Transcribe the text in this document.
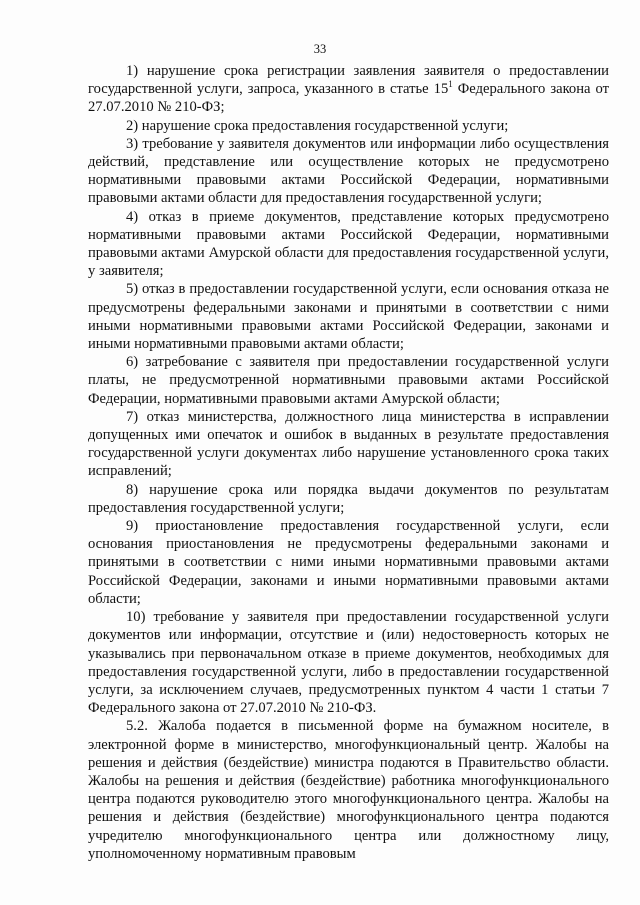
33

1) нарушение срока регистрации заявления заявителя о предоставлении государственной услуги, запроса, указанного в статье $15^1$ Федерального закона от 27.07.2010 № 210-ФЗ;

2) нарушение срока предоставления государственной услуги;

3) требование у заявителя документов или информации либо осуществления действий, представление или осуществление которых не предусмотрено нормативными правовыми актами Российской Федерации, нормативными правовыми актами области для предоставления государственной услуги;

4) отказ в приеме документов, представление которых предусмотрено нормативными правовыми актами Российской Федерации, нормативными правовыми актами Амурской области для предоставления государственной услуги, у заявителя;

5) отказ в предоставлении государственной услуги, если основания отказа не предусмотрены федеральными законами и принятыми в соответствии с ними иными нормативными правовыми актами Российской Федерации, законами и иными нормативными правовыми актами области;

6) затребование с заявителя при предоставлении государственной услуги платы, не предусмотренной нормативными правовыми актами Российской Федерации, нормативными правовыми актами Амурской области;

7) отказ министерства, должностного лица министерства в исправлении допущенных ими опечаток и ошибок в выданных в результате предоставления государственной услуги документах либо нарушение установленного срока таких исправлений;

8) нарушение срока или порядка выдачи документов по результатам предоставления государственной услуги;

9) приостановление предоставления государственной услуги, если основания приостановления не предусмотрены федеральными законами и принятыми в соответствии с ними иными нормативными правовыми актами Российской Федерации, законами и иными нормативными правовыми актами области;

10) требование у заявителя при предоставлении государственной услуги документов или информации, отсутствие и (или) недостоверность которых не указывались при первоначальном отказе в приеме документов, необходимых для предоставления государственной услуги, либо в предоставлении государственной услуги, за исключением случаев, предусмотренных пунктом 4 части 1 статьи 7 Федерального закона от 27.07.2010 № 210-ФЗ.

5.2. Жалоба подается в письменной форме на бумажном носителе, в электронной форме в министерство, многофункциональный центр. Жалобы на решения и действия (бездействие) министра подаются в Правительство области. Жалобы на решения и действия (бездействие) работника многофункционального центра подаются руководителю этого многофункционального центра. Жалобы на решения и действия (бездействие) многофункционального центра подаются учредителю многофункционального центра или должностному лицу, уполномоченному нормативным правовым
